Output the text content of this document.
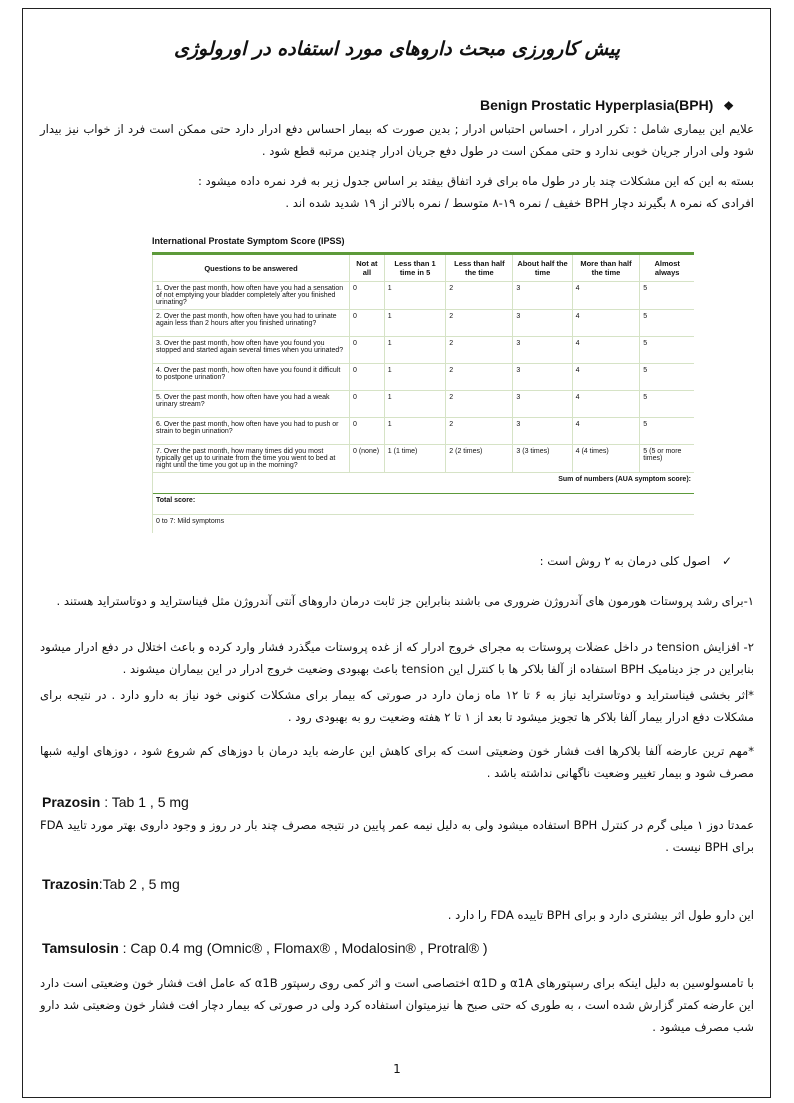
پیش کارورزی مبحث داروهای مورد استفاده در اورولوژی
Benign Prostatic Hyperplasia(BPH) ❖
علایم این بیماری شامل : تکرر ادرار ، احساس احتباس ادرار ; بدین صورت که بیمار احساس دفع ادرار دارد حتی ممکن است فرد از خواب نیز بیدار شود ولی ادرار جریان خوبی ندارد و حتی ممکن است در طول دفع جریان ادرار چندین مرتبه قطع شود .
بسته به این که این مشکلات چند بار در طول ماه برای فرد اتفاق بیفتد بر اساس جدول زیر به فرد نمره داده میشود :
افرادی که نمره ۸ بگیرند دچار BPH خفیف / نمره ۱۹-۸ متوسط / نمره بالاتر از ۱۹ شدید شده اند .
International Prostate Symptom Score (IPSS)
Questions to be answered	Not at all	Less than 1 time in 5	Less than half the time	About half the time	More than half the time	Almost always
1. Over the past month, how often have you had a sensation of not emptying your bladder completely after you finished urinating?	0	1	2	3	4	5
2. Over the past month, how often have you had to urinate again less than 2 hours after you finished urinating?	0	1	2	3	4	5
3. Over the past month, how often have you found you stopped and started again several times when you urinated?	0	1	2	3	4	5
4. Over the past month, how often have you found it difficult to postpone urination?	0	1	2	3	4	5
5. Over the past month, how often have you had a weak urinary stream?	0	1	2	3	4	5
6. Over the past month, how often have you had to push or strain to begin urination?	0	1	2	3	4	5
7. Over the past month, how many times did you most typically get up to urinate from the time you went to bed at night until the time you got up in the morning?	0 (none)	1 (1 time)	2 (2 times)	3 (3 times)	4 (4 times)	5 (5 or more times)
Sum of numbers (AUA symptom score):						
Total score:						
0 to 7: Mild symptoms						
✓ اصول کلی درمان به ۲ روش است :
۱-برای رشد پروستات هورمون های آندروژن ضروری می باشند بنابراین جز ثابت درمان داروهای آنتی آندروژن مثل فیناستراید و دوتاستراید هستند .
۲- افزایش tension در داخل عضلات پروستات به مجرای خروج ادرار که از غده پروستات میگذرد فشار وارد کرده و باعث اختلال در دفع ادرار میشود بنابراین در جز دینامیک BPH استفاده از آلفا بلاکر ها با کنترل این tension باعث بهبودی وضعیت خروج ادرار در این بیماران میشوند .
*اثر بخشی فیناستراید و دوتاستراید نیاز به ۶ تا ۱۲ ماه زمان دارد در صورتی که بیمار برای مشکلات کنونی خود نیاز به دارو دارد . در نتیجه برای مشکلات دفع ادرار بیمار آلفا بلاکر ها تجویز میشود تا بعد از ۱ تا ۲ هفته وضعیت رو به بهبودی رود .
*مهم ترین عارضه آلفا بلاکرها افت فشار خون وضعیتی است که برای کاهش این عارضه باید درمان با دوزهای کم شروع شود ، دوزهای اولیه شبها مصرف شود و بیمار تغییر وضعیت ناگهانی نداشته باشد .
Prazosin : Tab 1 , 5 mg
عمدتا دوز ۱ میلی گرم در کنترل BPH استفاده میشود ولی به دلیل نیمه عمر پایین در نتیجه مصرف چند بار در روز و وجود داروی بهتر مورد تایید FDA برای BPH نیست .
Trazosin:Tab 2 , 5 mg
این دارو طول اثر بیشتری دارد و برای BPH تاییده FDA را دارد .
Tamsulosin : Cap 0.4 mg (Omnic® , Flomax® , Modalosin® , Protral® )
با تامسولوسین به دلیل اینکه برای رسپتورهای α1A و α1D اختصاصی است و اثر کمی روی رسپتور α1B که عامل افت فشار خون وضعیتی است دارد این عارضه کمتر گزارش شده است ، به طوری که حتی صبح ها نیزمیتوان استفاده کرد ولی در صورتی که بیمار دچار افت فشار خون وضعیتی شد دارو شب مصرف میشود .
1
